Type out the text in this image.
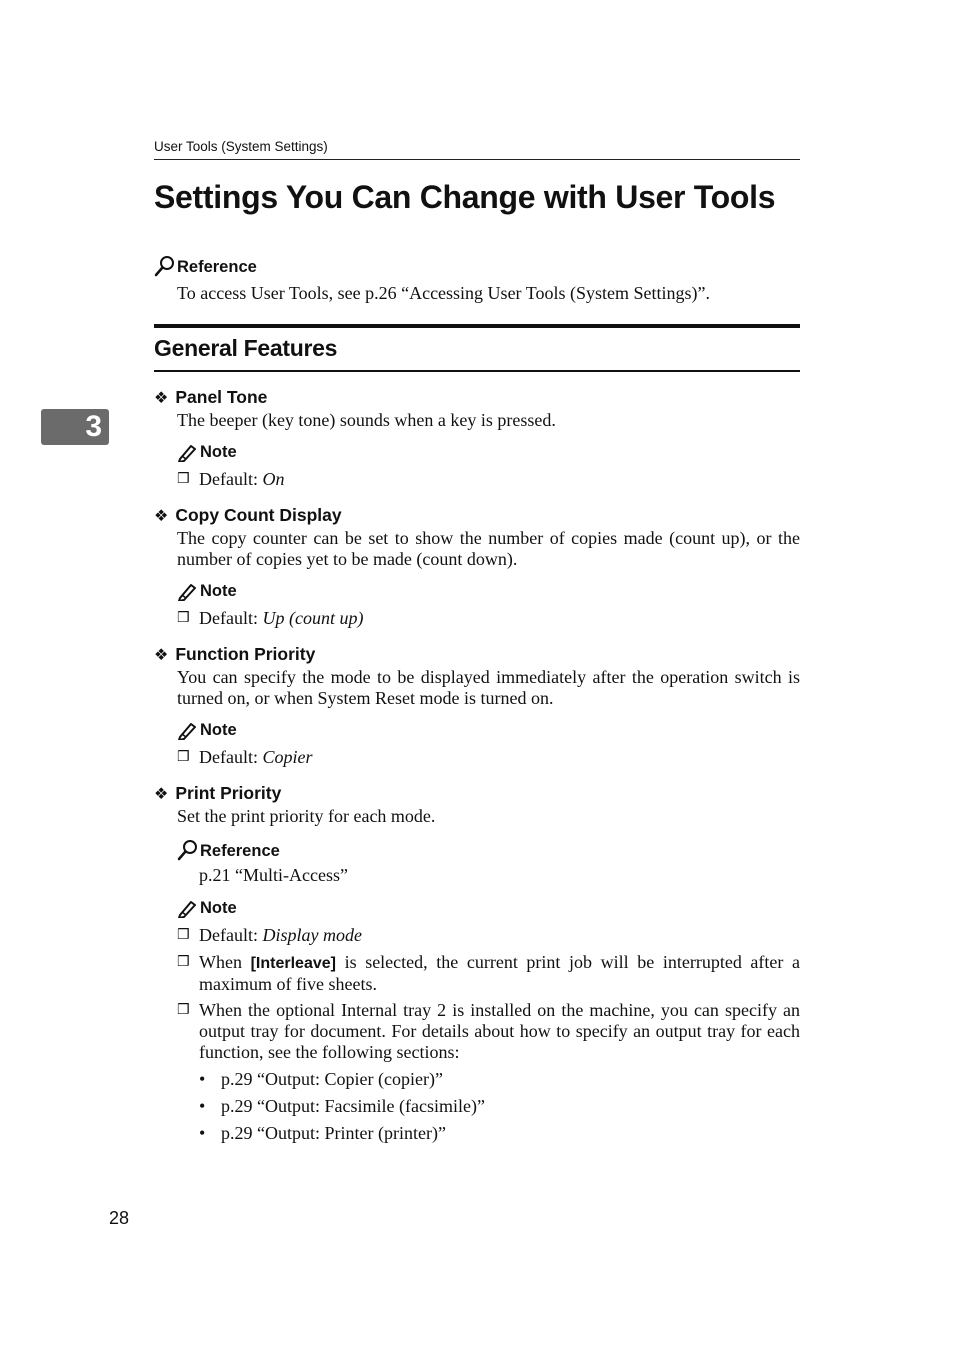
User Tools (System Settings)
Settings You Can Change with User Tools
Reference
To access User Tools, see p.26 “Accessing User Tools (System Settings)”.
General Features
3
❖ Panel Tone
The beeper (key tone) sounds when a key is pressed.
Note
❒ Default: On
❖ Copy Count Display
The copy counter can be set to show the number of copies made (count up), or the number of copies yet to be made (count down).
Note
❒ Default: Up (count up)
❖ Function Priority
You can specify the mode to be displayed immediately after the operation switch is turned on, or when System Reset mode is turned on.
Note
❒ Default: Copier
❖ Print Priority
Set the print priority for each mode.
Reference
p.21 “Multi-Access”
Note
❒ Default: Display mode
❒ When [Interleave] is selected, the current print job will be interrupted after a maximum of five sheets.
❒ When the optional Internal tray 2 is installed on the machine, you can specify an output tray for document. For details about how to specify an output tray for each function, see the following sections:
• p.29 “Output: Copier (copier)”
• p.29 “Output: Facsimile (facsimile)”
• p.29 “Output: Printer (printer)”
28
